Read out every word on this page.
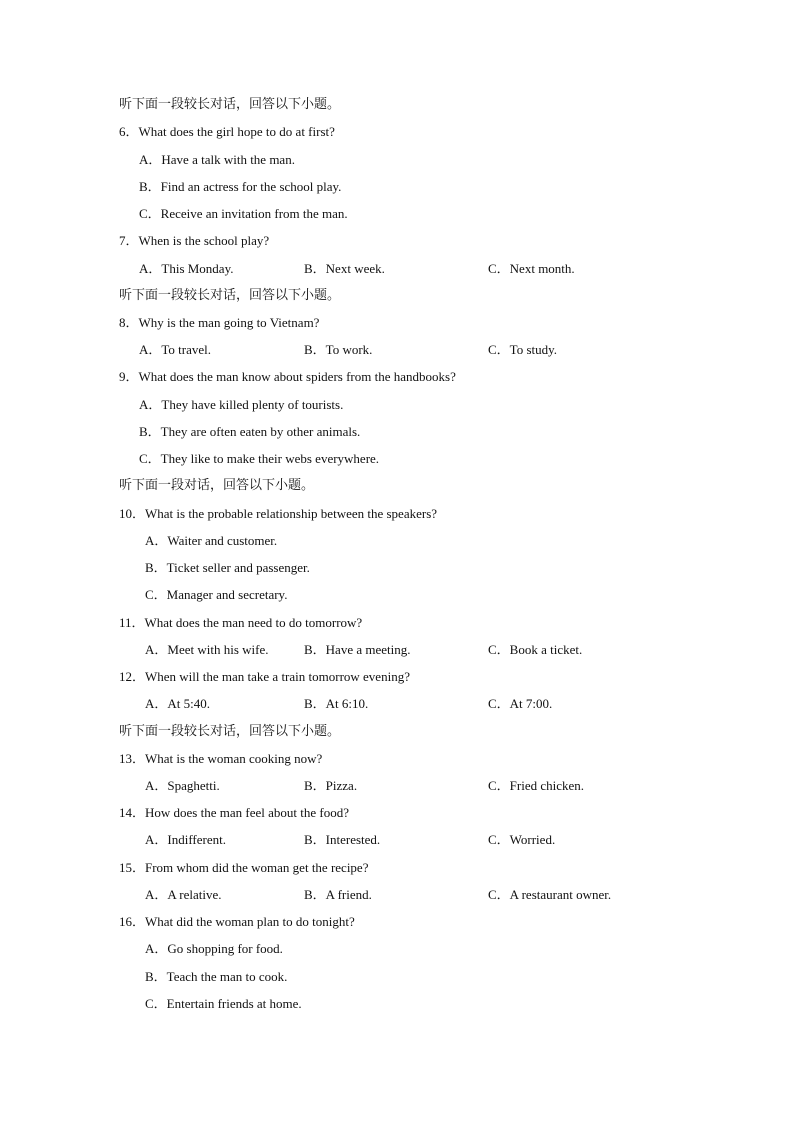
听下面一段较长对话，回答以下小题。
6．What does the girl hope to do at first?
A．Have a talk with the man.
B．Find an actress for the school play.
C．Receive an invitation from the man.
7．When is the school play?
A．This Monday.	B．Next week.	C．Next month.
听下面一段较长对话，回答以下小题。
8．Why is the man going to Vietnam?
A．To travel.	B．To work.	C．To study.
9．What does the man know about spiders from the handbooks?
A．They have killed plenty of tourists.
B．They are often eaten by other animals.
C．They like to make their webs everywhere.
听下面一段对话，回答以下小题。
10．What is the probable relationship between the speakers?
A．Waiter and customer.
B．Ticket seller and passenger.
C．Manager and secretary.
11．What does the man need to do tomorrow?
A．Meet with his wife.	B．Have a meeting.	C．Book a ticket.
12．When will the man take a train tomorrow evening?
A．At 5:40.	B．At 6:10.	C．At 7:00.
听下面一段较长对话，回答以下小题。
13．What is the woman cooking now?
A．Spaghetti.	B．Pizza.	C．Fried chicken.
14．How does the man feel about the food?
A．Indifferent.	B．Interested.	C．Worried.
15．From whom did the woman get the recipe?
A．A relative.	B．A friend.	C．A restaurant owner.
16．What did the woman plan to do tonight?
A．Go shopping for food.
B．Teach the man to cook.
C．Entertain friends at home.
